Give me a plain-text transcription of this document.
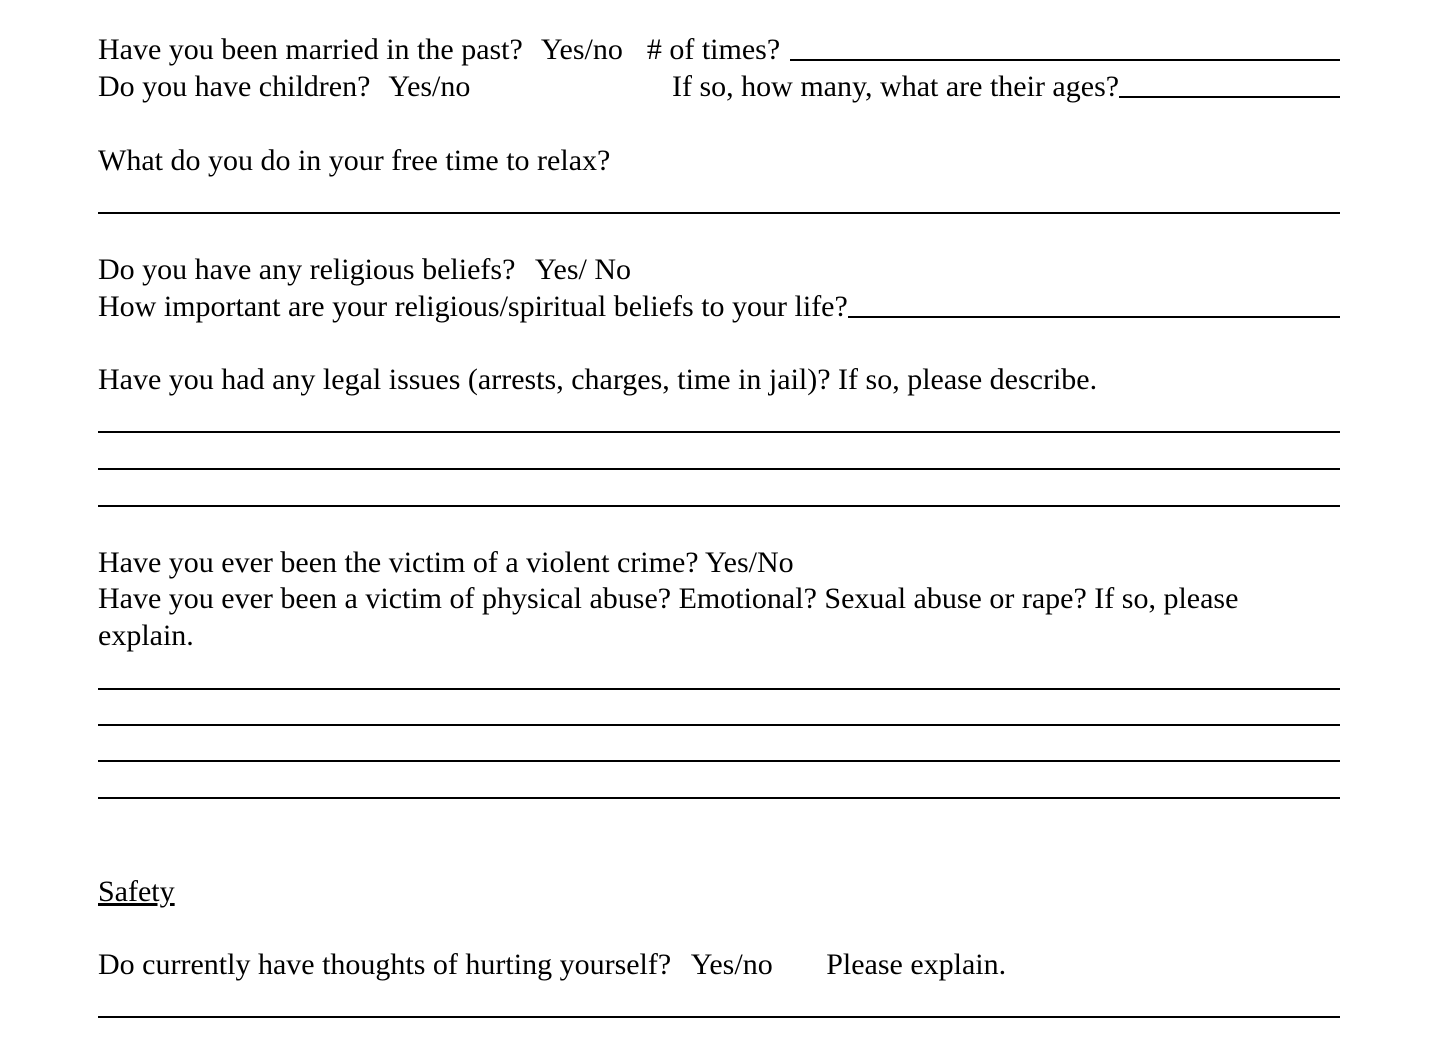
Have you been married in the past? Yes/no # of times?
Do you have children? Yes/no	If so, how many, what are their ages?
What do you do in your free time to relax?
Do you have any religious beliefs? Yes/ No
How important are your religious/spiritual beliefs to your life?
Have you had any legal issues (arrests, charges, time in jail)? If so, please describe.
Have you ever been the victim of a violent crime? Yes/No
Have you ever been a victim of physical abuse? Emotional? Sexual abuse or rape? If so, please
explain.
Safety
Do currently have thoughts of hurting yourself? Yes/no Please explain.
